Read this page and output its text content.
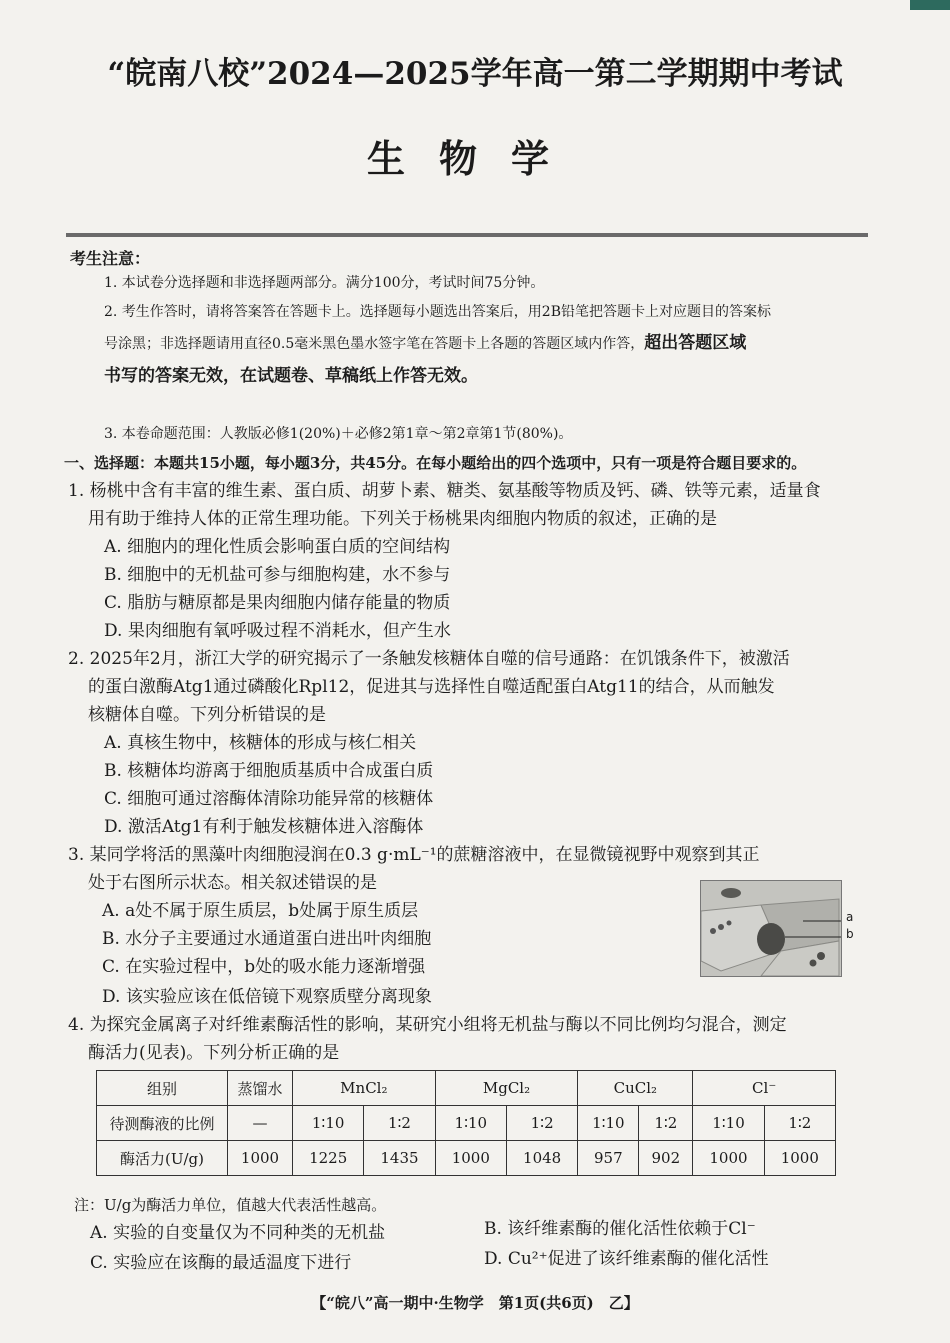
“皖南八校”2024—2025学年高一第二学期期中考试
生物学
考生注意：
1. 本试卷分选择题和非选择题两部分。满分100分，考试时间75分钟。
2. 考生作答时，请将答案答在答题卡上。选择题每小题选出答案后，用2B铅笔把答题卡上对应题目的答案标
号涂黑；非选择题请用直径0.5毫米黑色墨水签字笔在答题卡上各题的答题区域内作答，超出答题区域
书写的答案无效，在试题卷、草稿纸上作答无效。
3. 本卷命题范围：人教版必修1(20%)＋必修2第1章～第2章第1节(80%)。
一、选择题：本题共15小题，每小题3分，共45分。在每小题给出的四个选项中，只有一项是符合题目要求的。
1. 杨桃中含有丰富的维生素、蛋白质、胡萝卜素、糖类、氨基酸等物质及钙、磷、铁等元素，适量食
用有助于维持人体的正常生理功能。下列关于杨桃果肉细胞内物质的叙述，正确的是
A. 细胞内的理化性质会影响蛋白质的空间结构
B. 细胞中的无机盐可参与细胞构建，水不参与
C. 脂肪与糖原都是果肉细胞内储存能量的物质
D. 果肉细胞有氧呼吸过程不消耗水，但产生水
2. 2025年2月，浙江大学的研究揭示了一条触发核糖体自噬的信号通路：在饥饿条件下，被激活
的蛋白激酶Atg1通过磷酸化Rpl12，促进其与选择性自噬适配蛋白Atg11的结合，从而触发
核糖体自噬。下列分析错误的是
A. 真核生物中，核糖体的形成与核仁相关
B. 核糖体均游离于细胞质基质中合成蛋白质
C. 细胞可通过溶酶体清除功能异常的核糖体
D. 激活Atg1有利于触发核糖体进入溶酶体
3. 某同学将活的黑藻叶肉细胞浸润在0.3 g·mL⁻¹的蔗糖溶液中，在显微镜视野中观察到其正
处于右图所示状态。相关叙述错误的是
A. a处不属于原生质层，b处属于原生质层
B. 水分子主要通过水通道蛋白进出叶肉细胞
C. 在实验过程中，b处的吸水能力逐渐增强
D. 该实验应该在低倍镜下观察质壁分离现象
a
b
4. 为探究金属离子对纤维素酶活性的影响，某研究小组将无机盐与酶以不同比例均匀混合，测定
酶活力(见表)。下列分析正确的是
组别	蒸馏水	MnCl₂		MgCl₂		CuCl₂		Cl⁻	
待测酶液的比例	—	1∶10	1∶2	1∶10	1∶2	1∶10	1∶2	1∶10	1∶2
酶活力(U/g)	1000	1225	1435	1000	1048	957	902	1000	1000
注：U/g为酶活力单位，值越大代表活性越高。
A. 实验的自变量仅为不同种类的无机盐	B. 该纤维素酶的催化活性依赖于Cl⁻
C. 实验应在该酶的最适温度下进行	D. Cu²⁺促进了该纤维素酶的催化活性
【“皖八”高一期中·生物学　第1页(共6页)　乙】
